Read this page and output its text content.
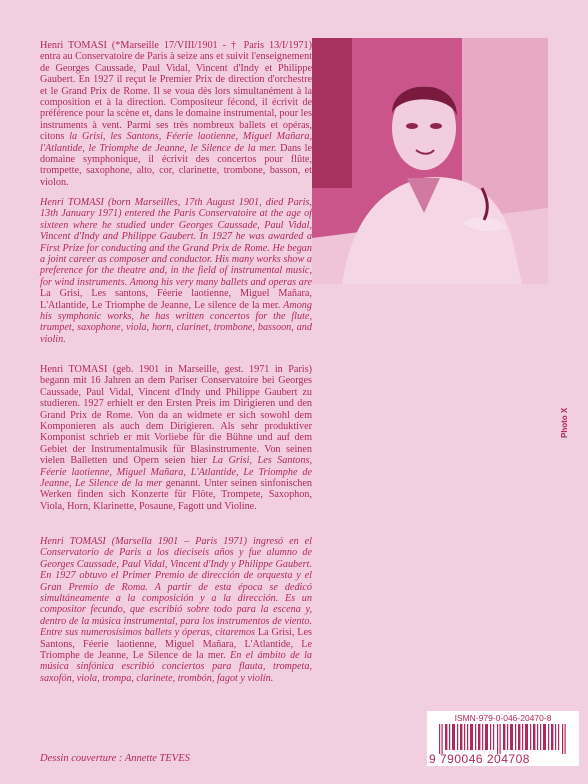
Henri TOMASI (*Marseille 17/VIII/1901 - † Paris 13/I/1971) entra au Conservatoire de Paris à seize ans et suivit l'enseignement de Georges Caussade, Paul Vidal, Vincent d'Indy et Philippe Gaubert. En 1927 il reçut le Premier Prix de direction d'orchestre et le Grand Prix de Rome. Il se voua dès lors simultanément à la composition et à la direction. Compositeur fécond, il écrivit de préférence pour la scène et, dans le domaine instrumental, pour les instruments à vent. Parmi ses très nombreux ballets et opéras, citons la Grisi, les Santons, Féerie laotienne, Miguel Mañara, l'Atlantide, le Triomphe de Jeanne, le Silence de la mer. Dans le domaine symphonique, il écrivit des concertos pour flûte, trompette, saxophone, alto, cor, clarinette, trombone, basson, et violon.

Henri TOMASI (born Marseilles, 17th August 1901, died Paris, 13th January 1971) entered the Paris Conservatoire at the age of sixteen where he studied under Georges Caussade, Paul Vidal, Vincent d'Indy and Philippe Gaubert. In 1927 he was awarded a First Prize for conducting and the Grand Prix de Rome. He began a joint career as composer and conductor. His many works show a preference for the theatre and, in the field of instrumental music, for wind instruments. Among his very many ballets and operas are La Grisi, Les santons, Féerie laotienne, Miguel Mañara, L'Atlantide, Le Triomphe de Jeanne, Le silence de la mer. Among his symphonic works, he has written concertos for the flute, trumpet, saxophone, viola, horn, clarinet, trombone, bassoon, and violin.

Henri TOMASI (geb. 1901 in Marseille, gest. 1971 in Paris) begann mit 16 Jahren an dem Pariser Conservatoire bei Georges Caussade, Paul Vidal, Vincent d'Indy und Philippe Gaubert zu studieren. 1927 erhielt er den Ersten Preis im Dirigieren und den Grand Prix de Rome. Von da an widmete er sich sowohl dem Komponieren als auch dem Dirigieren. Als sehr produktiver Komponist schrieb er mit Vorliebe für die Bühne und auf dem Gebiet der Instrumentalmusik für Blasinstrumente. Von seinen vielen Balletten und Opern seien hier La Grisi, Les Santons, Féerie laotienne, Miguel Mañara, L'Atlantide, Le Triomphe de Jeanne, Le Silence de la mer genannt. Unter seinen sinfonischen Werken finden sich Konzerte für Flöte, Trompete, Saxophon, Viola, Horn, Klarinette, Posaune, Fagott und Violine.

Henri TOMASI (Marsella 1901 – Paris 1971) ingresó en el Conservatorio de Paris a los dieciseis años y fue alumno de Georges Caussade, Paul Vidal, Vincent d'Indy y Philippe Gaubert. En 1927 obtuvo el Primer Premio de dirección de orquesta y el Gran Premio de Roma. A partir de esta época se dedicó simultáneamente a la composición y a la dirección. Es un compositor fecundo, que escribió sobre todo para la escena y, dentro de la música instrumental, para los instrumentos de viento. Entre sus numerosísimos ballets y óperas, citaremos La Grisi, Les Santons, Féerie laotienne, Miguel Mañara, L'Atlantide, Le Triomphe de Jeanne, Le Silence de la mer. En el ámbito de la música sinfónica escribió conciertos para flauta, trompeta, saxofón, viola, trompa, clarinete, trombón, fagot y violín.

Photo X
ISMN-979-0-046-20470-8
9 790046 204708
Dessin couverture : Annette TEVES
